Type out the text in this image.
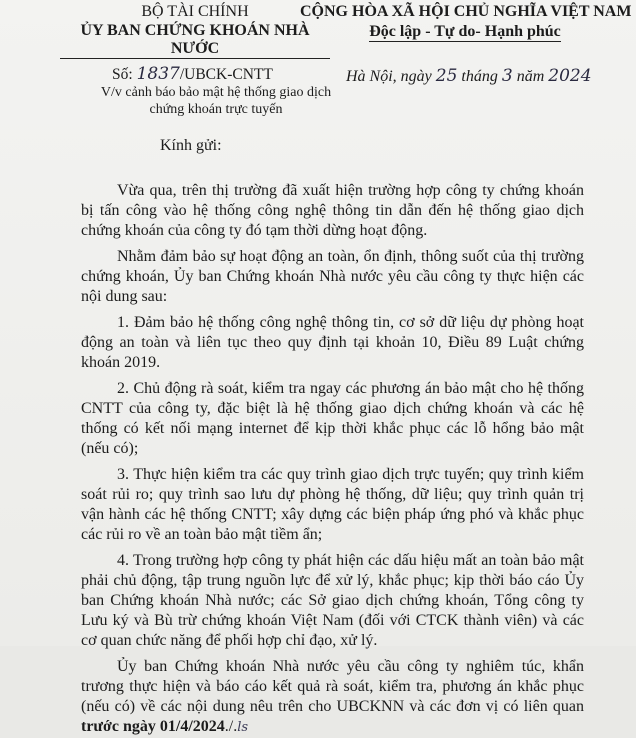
BỘ TÀI CHÍNH
ỦY BAN CHỨNG KHOÁN NHÀ NƯỚC
CỘNG HÒA XÃ HỘI CHỦ NGHĨA VIỆT NAM
Độc lập - Tự do- Hạnh phúc
Số: 1837/UBCK-CNTT
V/v cảnh báo bảo mật hệ thống giao dịch
chứng khoán trực tuyến
Hà Nội, ngày 25 tháng 3 năm 2024
Kính gửi:

Vừa qua, trên thị trường đã xuất hiện trường hợp công ty chứng khoán bị tấn công vào hệ thống công nghệ thông tin dẫn đến hệ thống giao dịch chứng khoán của công ty đó tạm thời dừng hoạt động.

Nhằm đảm bảo sự hoạt động an toàn, ổn định, thông suốt của thị trường chứng khoán, Ủy ban Chứng khoán Nhà nước yêu cầu công ty thực hiện các nội dung sau:

1. Đảm bảo hệ thống công nghệ thông tin, cơ sở dữ liệu dự phòng hoạt động an toàn và liên tục theo quy định tại khoản 10, Điều 89 Luật chứng khoán 2019.

2. Chủ động rà soát, kiểm tra ngay các phương án bảo mật cho hệ thống CNTT của công ty, đặc biệt là hệ thống giao dịch chứng khoán và các hệ thống có kết nối mạng internet để kịp thời khắc phục các lỗ hổng bảo mật (nếu có);

3. Thực hiện kiểm tra các quy trình giao dịch trực tuyến; quy trình kiểm soát rủi ro; quy trình sao lưu dự phòng hệ thống, dữ liệu; quy trình quản trị vận hành các hệ thống CNTT; xây dựng các biện pháp ứng phó và khắc phục các rủi ro về an toàn bảo mật tiềm ẩn;

4. Trong trường hợp công ty phát hiện các dấu hiệu mất an toàn bảo mật phải chủ động, tập trung nguồn lực để xử lý, khắc phục; kịp thời báo cáo Ủy ban Chứng khoán Nhà nước; các Sở giao dịch chứng khoán, Tổng công ty Lưu ký và Bù trừ chứng khoán Việt Nam (đối với CTCK thành viên) và các cơ quan chức năng để phối hợp chỉ đạo, xử lý.

Ủy ban Chứng khoán Nhà nước yêu cầu công ty nghiêm túc, khẩn trương thực hiện và báo cáo kết quả rà soát, kiểm tra, phương án khắc phục (nếu có) về các nội dung nêu trên cho UBCKNN và các đơn vị có liên quan trước ngày 01/4/2024./.ls
